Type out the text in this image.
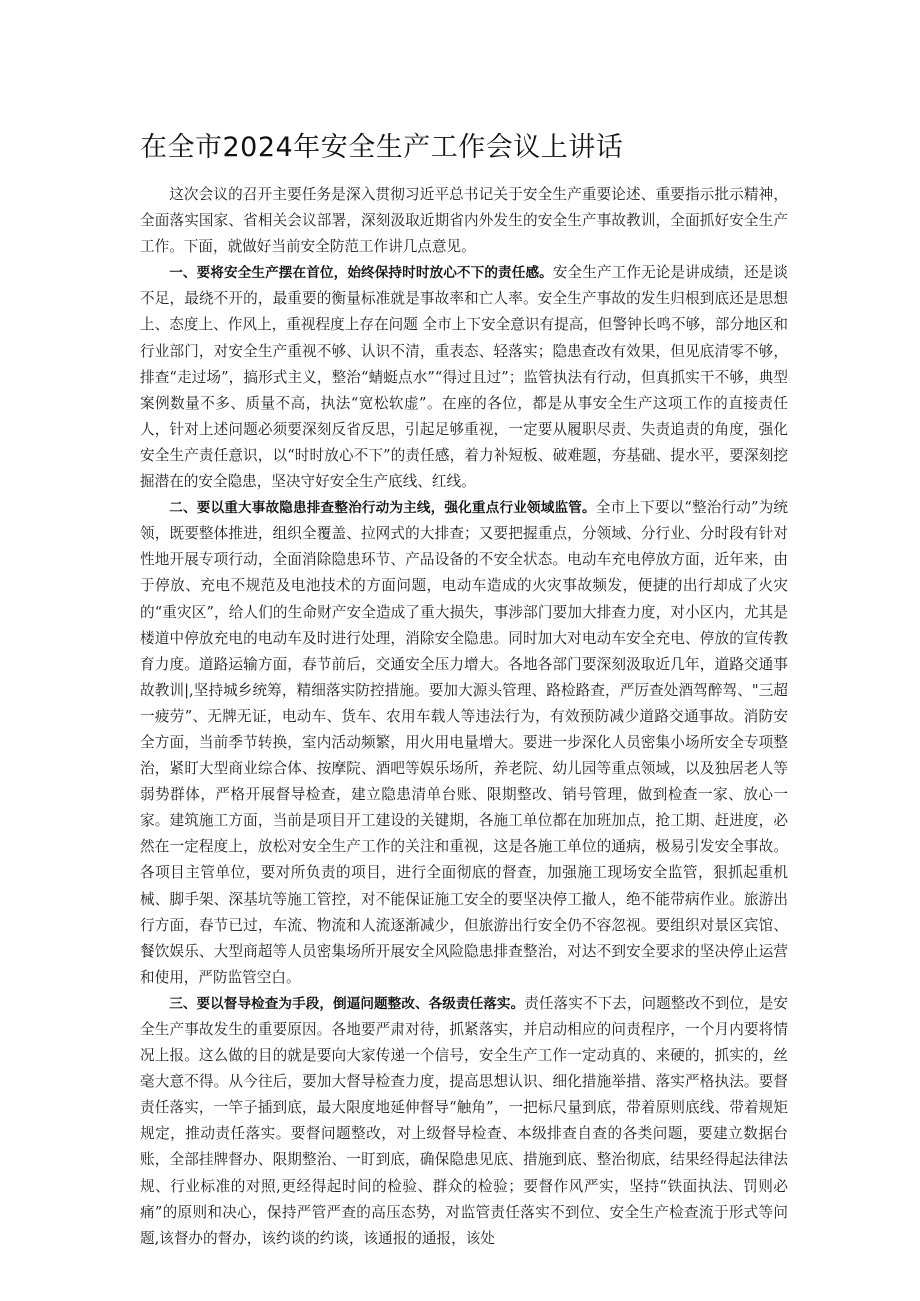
在全市2024年安全生产工作会议上讲话

这次会议的召开主要任务是深入贯彻习近平总书记关于安全生产重要论述、重要指示批示精神，全面落实国家、省相关会议部署，深刻汲取近期省内外发生的安全生产事故教训，全面抓好安全生产工作。下面，就做好当前安全防范工作讲几点意见。

一、要将安全生产摆在首位，始终保持时时放心不下的责任感。安全生产工作无论是讲成绩，还是谈不足，最绕不开的，最重要的衡量标准就是事故率和亡人率。安全生产事故的发生归根到底还是思想上、态度上、作风上，重视程度上存在问题 全市上下安全意识有提高，但警钟长鸣不够，部分地区和行业部门，对安全生产重视不够、认识不清，重表态、轻落实；隐患查改有效果，但见底清零不够，排查“走过场”，搞形式主义，整治“蜻蜓点水”“得过且过”；监管执法有行动，但真抓实干不够，典型案例数量不多、质量不高，执法“宽松软虚”。在座的各位，都是从事安全生产这项工作的直接责任人，针对上述问题必须要深刻反省反思，引起足够重视，一定要从履职尽责、失责追责的角度，强化安全生产责任意识，以“时时放心不下”的责任感，着力补短板、破难题，夯基础、提水平，要深刻挖掘潜在的安全隐患，坚决守好安全生产底线、红线。

二、要以重大事故隐患排查整治行动为主线，强化重点行业领域监管。全市上下要以“整治行动”为统领，既要整体推进，组织全覆盖、拉网式的大排查；又要把握重点，分领域、分行业、分时段有针对性地开展专项行动，全面消除隐患环节、产品设备的不安全状态。电动车充电停放方面，近年来，由于停放、充电不规范及电池技术的方面问题，电动车造成的火灾事故频发，便捷的出行却成了火灾的“重灾区”，给人们的生命财产安全造成了重大损失，事涉部门要加大排查力度，对小区内，尤其是楼道中停放充电的电动车及时进行处理，消除安全隐患。同时加大对电动车安全充电、停放的宣传教育力度。道路运输方面，春节前后，交通安全压力增大。各地各部门要深刻汲取近几年，道路交通事故教训|,坚持城乡统筹，精细落实防控措施。要加大源头管理、路检路查，严厉查处酒驾醉驾、"三超一疲劳”、无牌无证，电动车、货车、农用车载人等违法行为，有效预防减少道路交通事故。消防安全方面，当前季节转换，室内活动频繁，用火用电量增大。要进一步深化人员密集小场所安全专项整治，紧盯大型商业综合体、按摩院、酒吧等娱乐场所，养老院、幼儿园等重点领域，以及独居老人等弱势群体，严格开展督导检查，建立隐患清单台账、限期整改、销号管理，做到检查一家、放心一家。建筑施工方面，当前是项目开工建设的关键期，各施工单位都在加班加点，抢工期、赶进度，必然在一定程度上，放松对安全生产工作的关注和重视，这是各施工单位的通病，极易引发安全事故。各项目主管单位，要对所负责的项目，进行全面彻底的督查，加强施工现场安全监管，狠抓起重机械、脚手架、深基坑等施工管控，对不能保证施工安全的要坚决停工撤人，绝不能带病作业。旅游出行方面，春节已过，车流、物流和人流逐渐减少，但旅游出行安全仍不容忽视。要组织对景区宾馆、餐饮娱乐、大型商超等人员密集场所开展安全风险隐患排查整治，对达不到安全要求的坚决停止运营和使用，严防监管空白。

三、要以督导检查为手段，倒逼问题整改、各级责任落实。责任落实不下去，问题整改不到位，是安全生产事故发生的重要原因。各地要严肃对待，抓紧落实，并启动相应的问责程序，一个月内要将情况上报。这么做的目的就是要向大家传递一个信号，安全生产工作一定动真的、来硬的，抓实的，丝毫大意不得。从今往后，要加大督导检查力度，提高思想认识、细化措施举措、落实严格执法。要督责任落实，一竿子插到底，最大限度地延伸督导“触角”，一把标尺量到底，带着原则底线、带着规矩规定，推动责任落实。要督问题整改，对上级督导检查、本级排查自查的各类问题，要建立数据台账，全部挂牌督办、限期整治、一盯到底，确保隐患见底、措施到底、整治彻底，结果经得起法律法规、行业标准的对照,更经得起时间的检验、群众的检验；要督作风严实，坚持“铁面执法、罚则必痛”的原则和决心，保持严管严查的高压态势，对监管责任落实不到位、安全生产检查流于形式等问题,该督办的督办，该约谈的约谈，该通报的通报，该处
